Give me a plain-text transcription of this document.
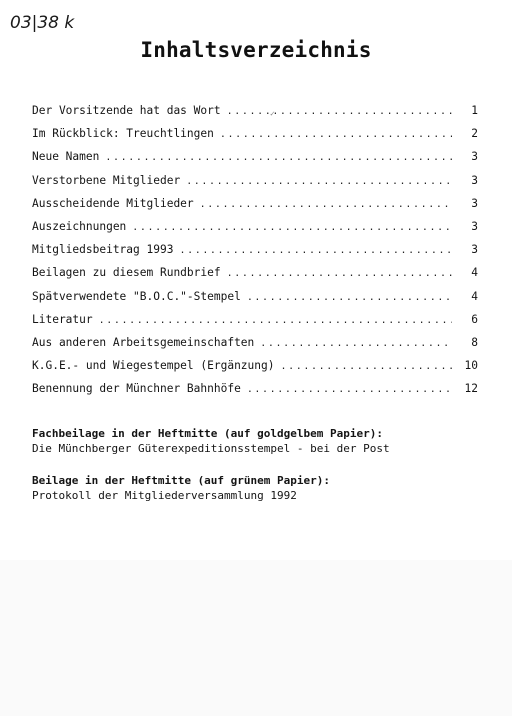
03|38 k
Inhaltsverzeichnis
✓
Der Vorsitzende hat das Wort .....	1
Im Rückblick: Treuchtlingen .....	2
Neue Namen .....	3
Verstorbene Mitglieder .....	3
Ausscheidende Mitglieder .....	3
Auszeichnungen .....	3
Mitgliedsbeitrag 1993 .....	3
Beilagen zu diesem Rundbrief .....	4
Spätverwendete "B.O.C."-Stempel .....	4
Literatur .....	6
Aus anderen Arbeitsgemeinschaften .....	8
K.G.E.- und Wiegestempel (Ergänzung) .....	10
Benennung der Münchner Bahnhöfe .....	12
Fachbeilage in der Heftmitte (auf goldgelbem Papier):
Die Münchberger Güterexpeditionsstempel - bei der Post
Beilage in der Heftmitte (auf grünem Papier):
Protokoll der Mitgliederversammlung 1992
